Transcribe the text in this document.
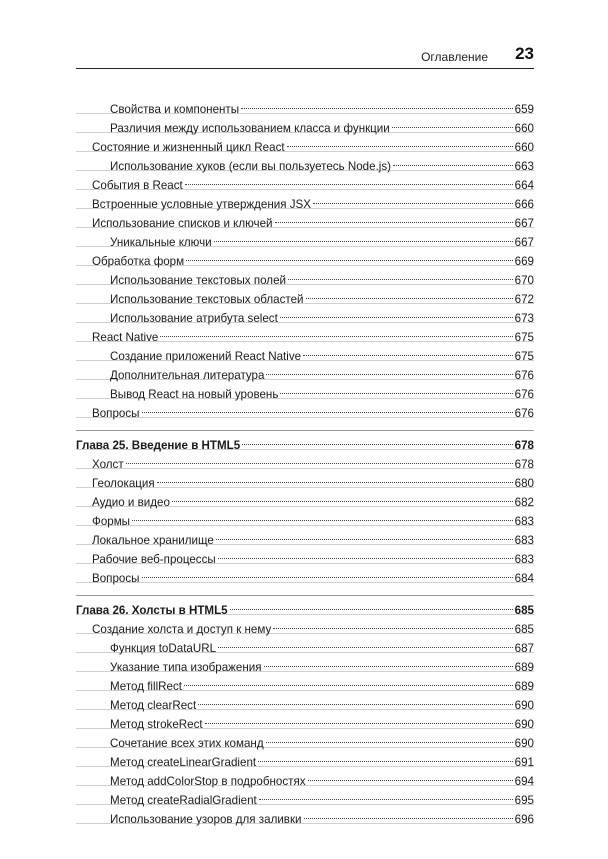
Оглавление 23
Свойства и компоненты	659
Различия между использованием класса и функции	660
Состояние и жизненный цикл React	660
Использование хуков (если вы пользуетесь Node.js)	663
События в React	664
Встроенные условные утверждения JSX	666
Использование списков и ключей	667
Уникальные ключи	667
Обработка форм	669
Использование текстовых полей	670
Использование текстовых областей	672
Использование атрибута select	673
React Native	675
Создание приложений React Native	675
Дополнительная литература	676
Вывод React на новый уровень	676
Вопросы	676
Глава 25. Введение в HTML5	678
Холст	678
Геолокация	680
Аудио и видео	682
Формы	683
Локальное хранилище	683
Рабочие веб-процессы	683
Вопросы	684
Глава 26. Холсты в HTML5	685
Создание холста и доступ к нему	685
Функция toDataURL	687
Указание типа изображения	689
Метод fillRect	689
Метод clearRect	690
Метод strokeRect	690
Сочетание всех этих команд	690
Метод createLinearGradient	691
Метод addColorStop в подробностях	694
Метод createRadialGradient	695
Использование узоров для заливки	696
